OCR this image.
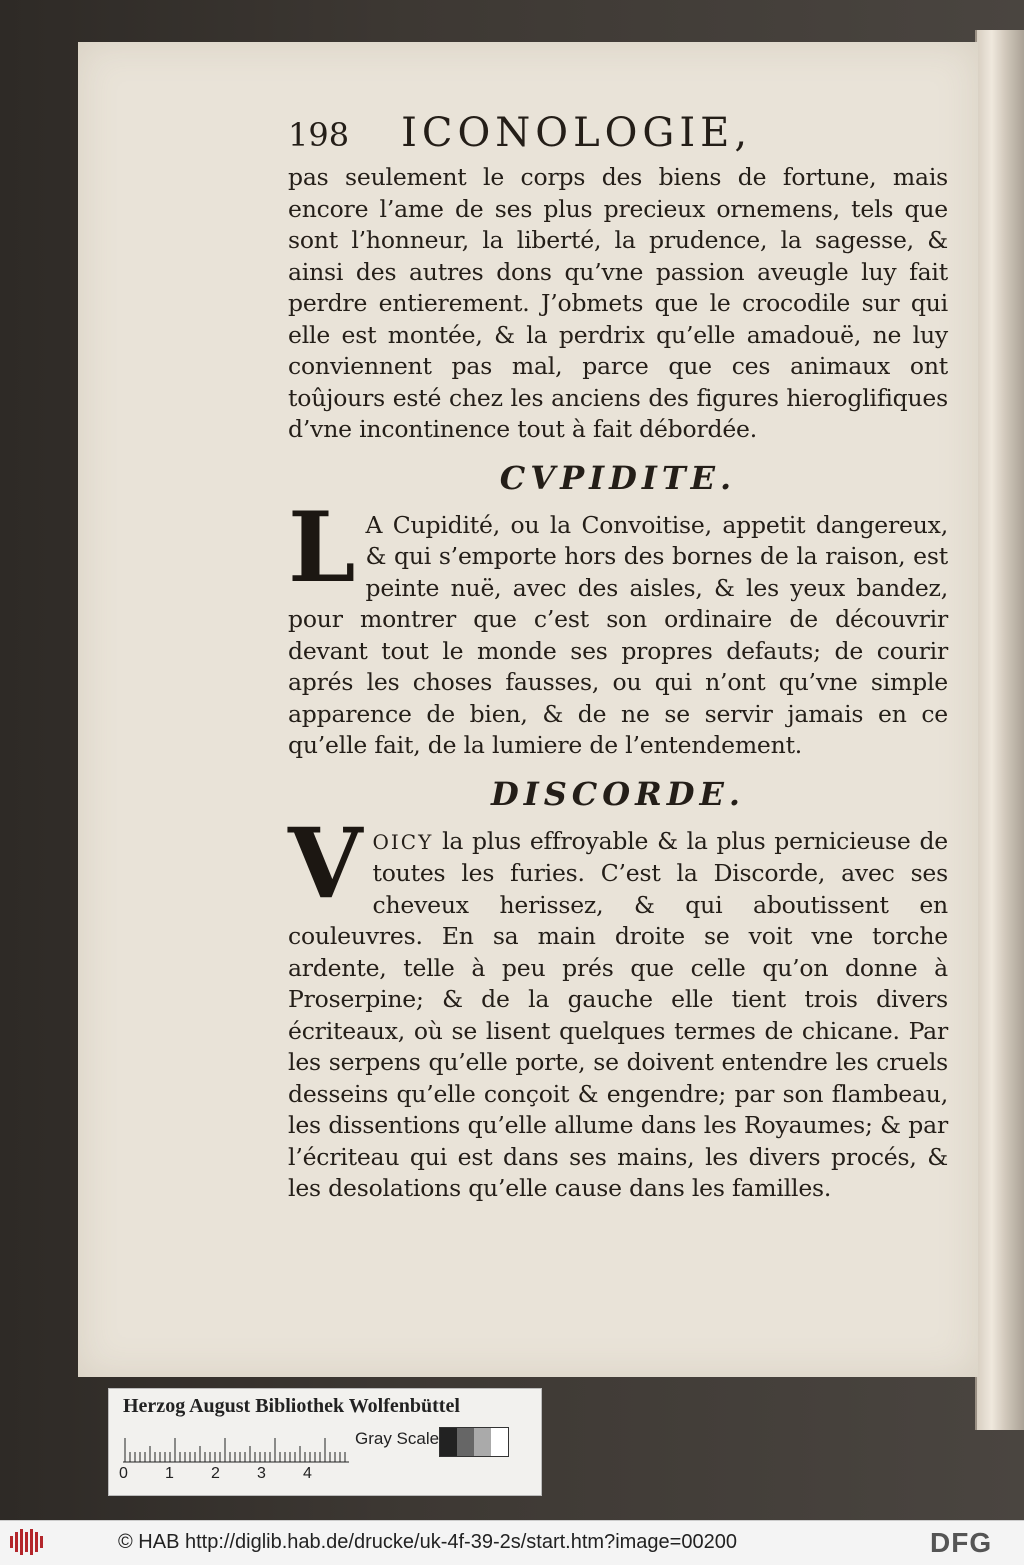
198 ICONOLOGIE,

pas seulement le corps des biens de fortune, mais encore l’ame de ses plus precieux ornemens, tels que sont l’honneur, la liberté, la prudence, la sagesse, & ainsi des autres dons qu’vne passion aveugle luy fait perdre entierement. J’obmets que le crocodile sur qui elle est montée, & la perdrix qu’elle amadouë, ne luy conviennent pas mal, parce que ces animaux ont toûjours esté chez les anciens des figures hieroglifiques d’vne incontinence tout à fait débordée.

CVPIDITE.
L A Cupidité, ou la Convoitise, appetit dangereux, & qui s’emporte hors des bornes de la raison, est peinte nuë, avec des aisles, & les yeux bandez, pour montrer que c’est son ordinaire de découvrir devant tout le monde ses propres defauts; de courir aprés les choses fausses, ou qui n’ont qu’vne simple apparence de bien, & de ne se servir jamais en ce qu’elle fait, de la lumiere de l’entendement.

DISCORDE.
V OICY la plus effroyable & la plus pernicieuse de toutes les furies. C’est la Discorde, avec ses cheveux herissez, & qui aboutissent en couleuvres. En sa main droite se voit vne torche ardente, telle à peu prés que celle qu’on donne à Proserpine; & de la gauche elle tient trois divers écriteaux, où se lisent quelques termes de chicane. Par les serpens qu’elle porte, se doivent entendre les cruels desseins qu’elle conçoit & engendre; par son flambeau, les dissentions qu’elle allume dans les Royaumes; & par l’écriteau qui est dans ses mains, les divers procés, & les desolations qu’elle cause dans les familles.

Herzog August Bibliothek Wolfenbüttel
0	1	2	3	4
Gray Scale
© HAB http://diglib.hab.de/drucke/uk-4f-39-2s/start.htm?image=00200	DFG
